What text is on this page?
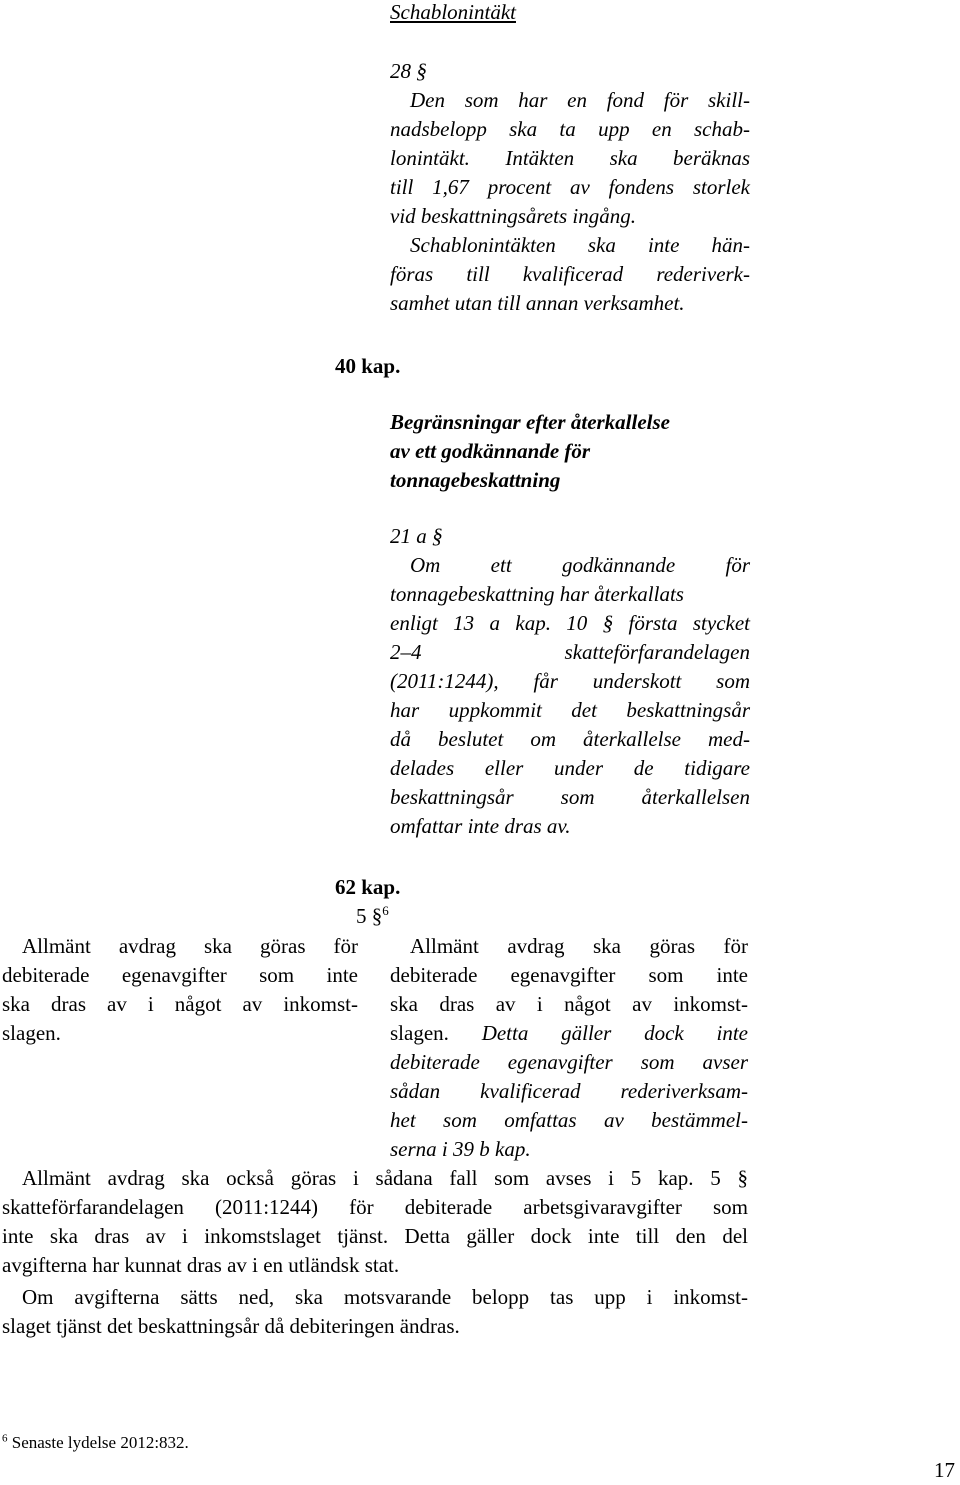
Schablonintäkt
28 §
Den som har en fond för skill-
nadsbelopp ska ta upp en schab-
lonintäkt. Intäkten ska beräknas
till 1,67 procent av fondens storlek
vid beskattningsårets ingång.
Schablonintäkten ska inte hän-
föras till kvalificerad rederiverk-
samhet utan till annan verksamhet.
40 kap.
Begränsningar efter återkallelse
av ett godkännande för
tonnagebeskattning
21 a §
Om ett godkännande för
tonnagebeskattning har återkallats
enligt 13 a kap. 10 § första stycket
2–4 skatteförfarandelagen
(2011:1244), får underskott som
har uppkommit det beskattningsår
då beslutet om återkallelse med-
delades eller under de tidigare
beskattningsår som återkallelsen
omfattar inte dras av.
62 kap.
5 §$^6$
Allmänt avdrag ska göras för
debiterade egenavgifter som inte
ska dras av i något av inkomst-
slagen.
Allmänt avdrag ska göras för
debiterade egenavgifter som inte
ska dras av i något av inkomst-
slagen. Detta gäller dock inte
debiterade egenavgifter som avser
sådan kvalificerad rederiverksam-
het som omfattas av bestämmel-
serna i 39 b kap.
Allmänt avdrag ska också göras i sådana fall som avses i 5 kap. 5 §
skatteförfarandelagen (2011:1244) för debiterade arbetsgivaravgifter som
inte ska dras av i inkomstslaget tjänst. Detta gäller dock inte till den del
avgifterna har kunnat dras av i en utländsk stat.
Om avgifterna sätts ned, ska motsvarande belopp tas upp i inkomst-
slaget tjänst det beskattningsår då debiteringen ändras.
$^6$ Senaste lydelse 2012:832.
17
